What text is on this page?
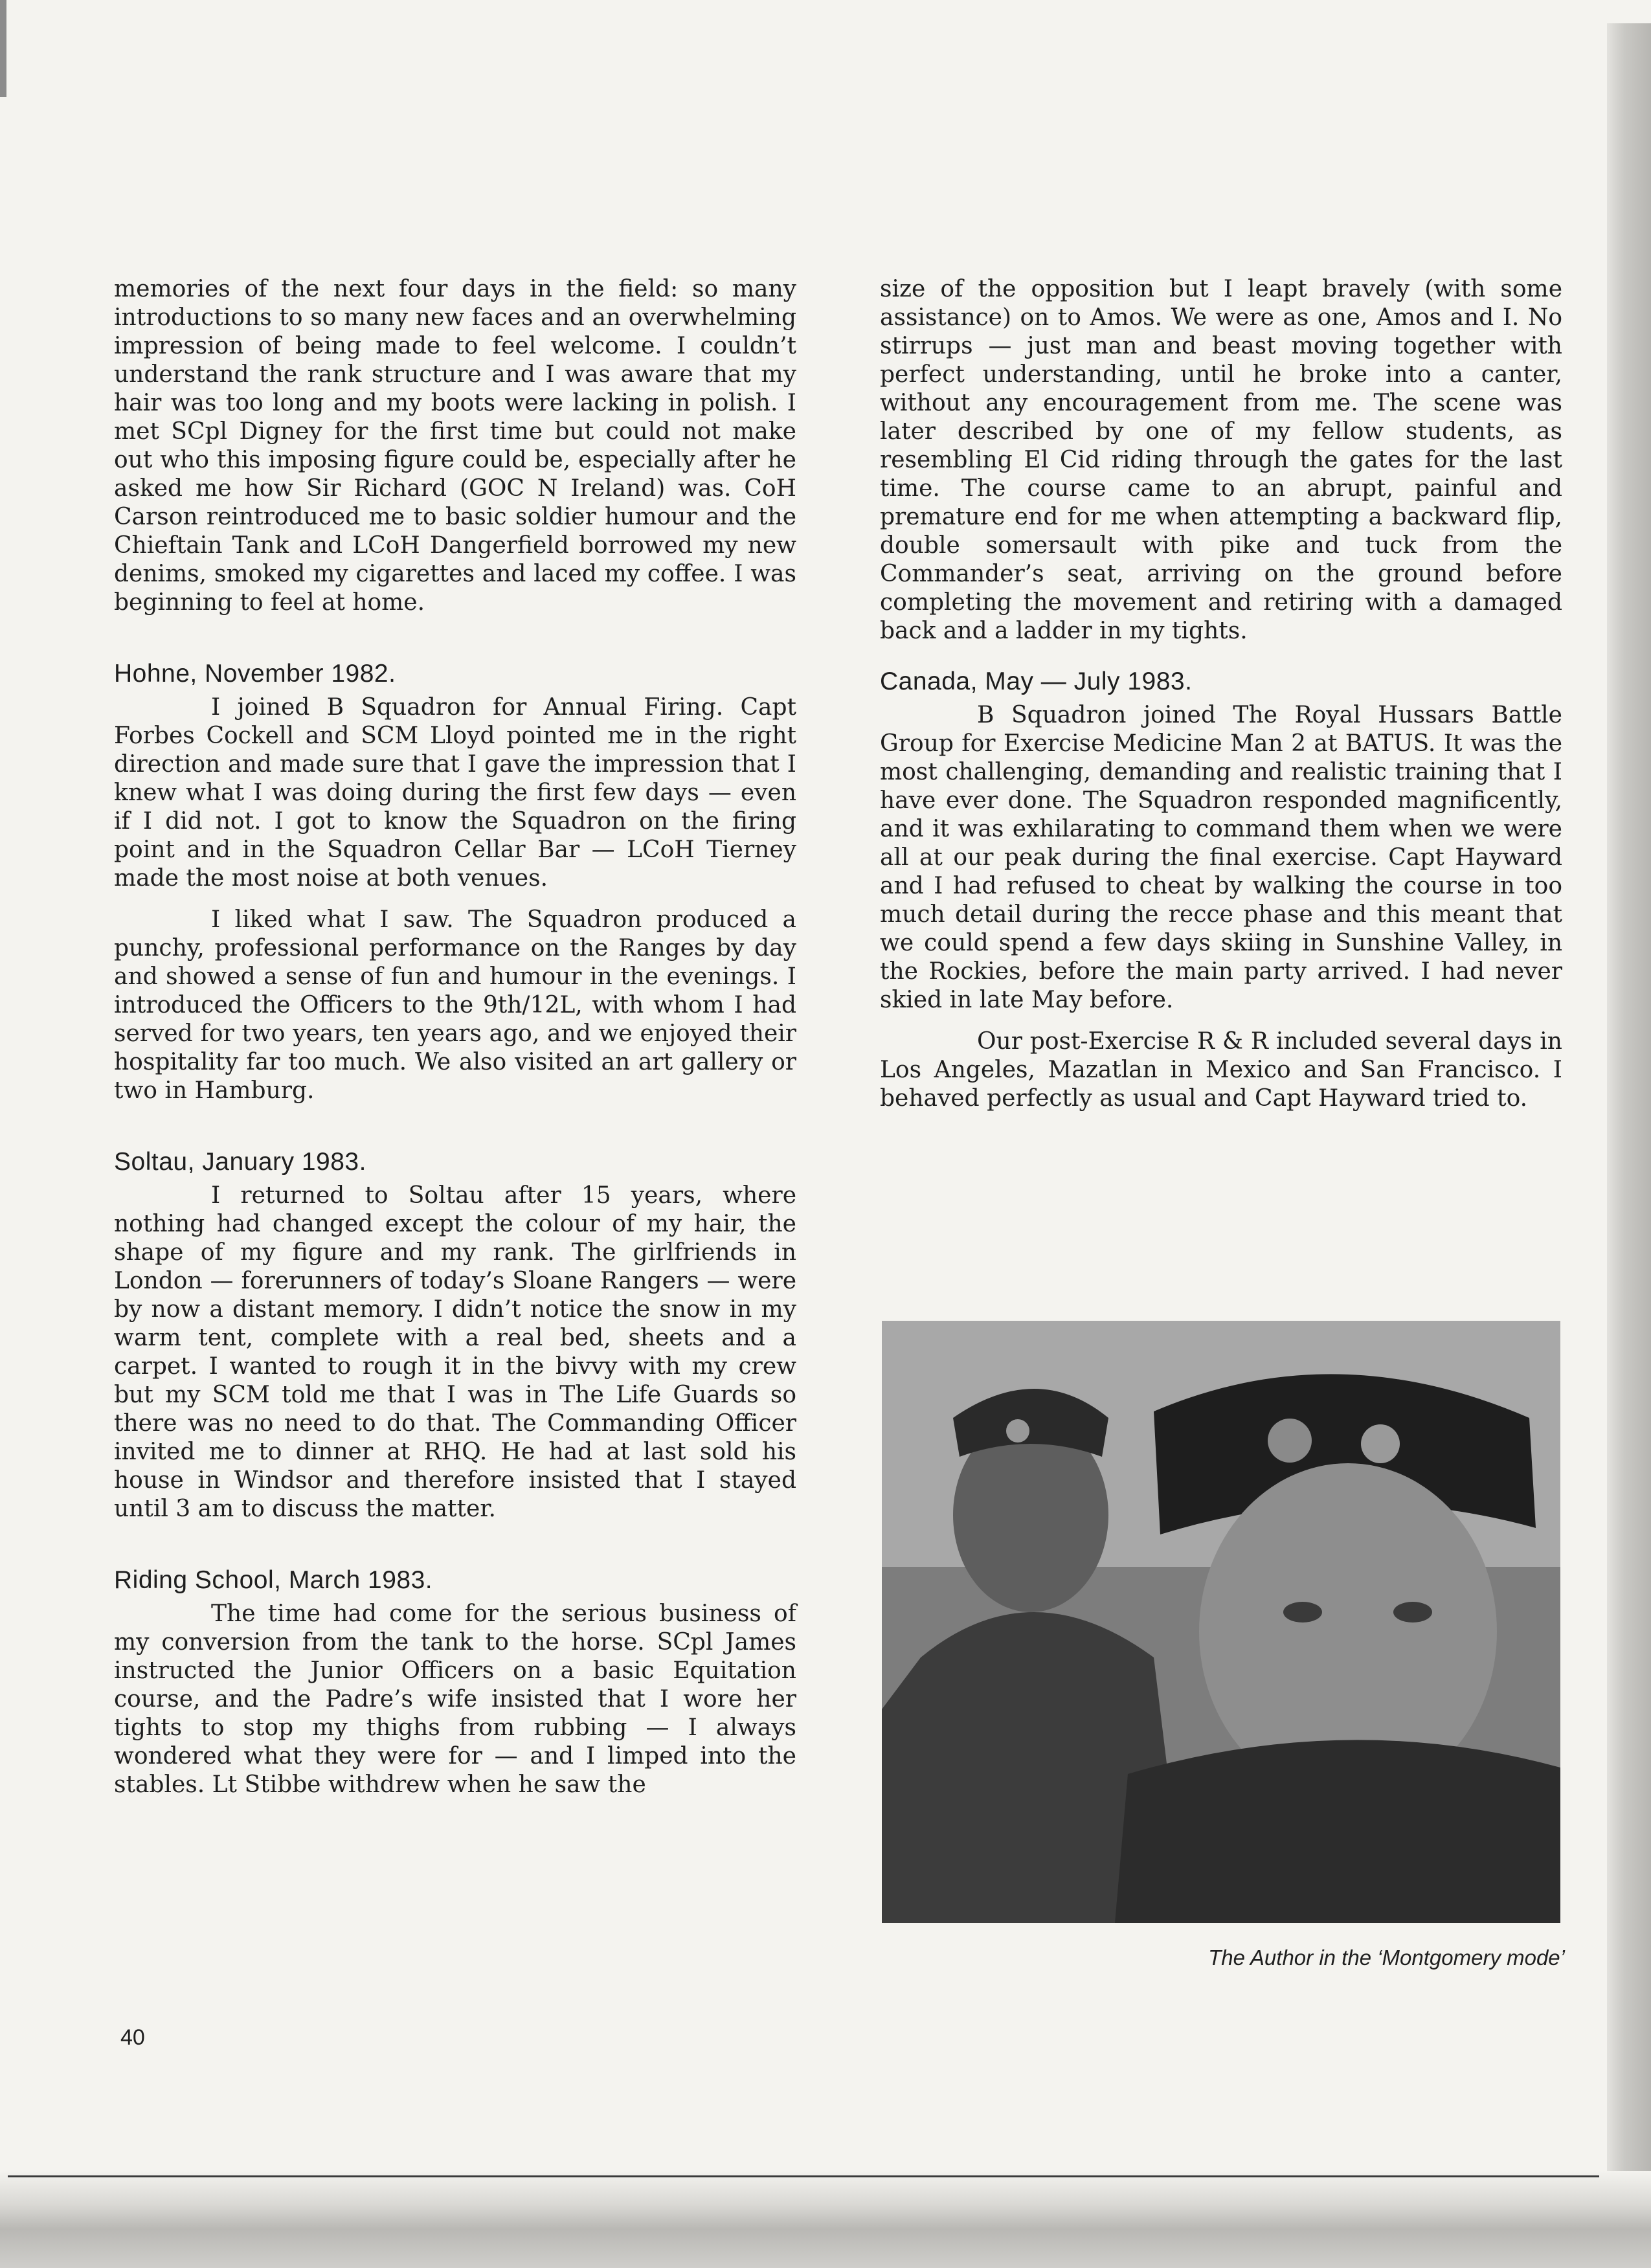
memories of the next four days in the field: so many introductions to so many new faces and an overwhelming impression of being made to feel welcome. I couldn’t understand the rank structure and I was aware that my hair was too long and my boots were lacking in polish. I met SCpl Digney for the first time but could not make out who this imposing figure could be, especially after he asked me how Sir Richard (GOC N Ireland) was. CoH Carson reintroduced me to basic soldier humour and the Chieftain Tank and LCoH Dangerfield borrowed my new denims, smoked my cigarettes and laced my coffee. I was beginning to feel at home.

Hohne, November 1982.

I joined B Squadron for Annual Firing. Capt Forbes Cockell and SCM Lloyd pointed me in the right direction and made sure that I gave the impression that I knew what I was doing during the first few days — even if I did not. I got to know the Squadron on the firing point and in the Squadron Cellar Bar — LCoH Tierney made the most noise at both venues.

I liked what I saw. The Squadron produced a punchy, professional performance on the Ranges by day and showed a sense of fun and humour in the evenings. I introduced the Officers to the 9th/12L, with whom I had served for two years, ten years ago, and we enjoyed their hospitality far too much. We also visited an art gallery or two in Hamburg.

Soltau, January 1983.

I returned to Soltau after 15 years, where nothing had changed except the colour of my hair, the shape of my figure and my rank. The girlfriends in London — forerunners of today’s Sloane Rangers — were by now a distant memory. I didn’t notice the snow in my warm tent, complete with a real bed, sheets and a carpet. I wanted to rough it in the bivvy with my crew but my SCM told me that I was in The Life Guards so there was no need to do that. The Commanding Officer invited me to dinner at RHQ. He had at last sold his house in Windsor and therefore insisted that I stayed until 3 am to discuss the matter.

Riding School, March 1983.

The time had come for the serious business of my conversion from the tank to the horse. SCpl James instructed the Junior Officers on a basic Equitation course, and the Padre’s wife insisted that I wore her tights to stop my thighs from rubbing — I always wondered what they were for — and I limped into the stables. Lt Stibbe withdrew when he saw the

size of the opposition but I leapt bravely (with some assistance) on to Amos. We were as one, Amos and I. No stirrups — just man and beast moving together with perfect understanding, until he broke into a canter, without any encouragement from me. The scene was later described by one of my fellow students, as resembling El Cid riding through the gates for the last time. The course came to an abrupt, painful and premature end for me when attempting a backward flip, double somersault with pike and tuck from the Commander’s seat, arriving on the ground before completing the movement and retiring with a damaged back and a ladder in my tights.

Canada, May — July 1983.

B Squadron joined The Royal Hussars Battle Group for Exercise Medicine Man 2 at BATUS. It was the most challenging, demanding and realistic training that I have ever done. The Squadron responded magnificently, and it was exhilarating to command them when we were all at our peak during the final exercise. Capt Hayward and I had refused to cheat by walking the course in too much detail during the recce phase and this meant that we could spend a few days skiing in Sunshine Valley, in the Rockies, before the main party arrived. I had never skied in late May before.

Our post-Exercise R & R included several days in Los Angeles, Mazatlan in Mexico and San Francisco. I behaved perfectly as usual and Capt Hayward tried to.

The Author in the ‘Montgomery mode’
40
